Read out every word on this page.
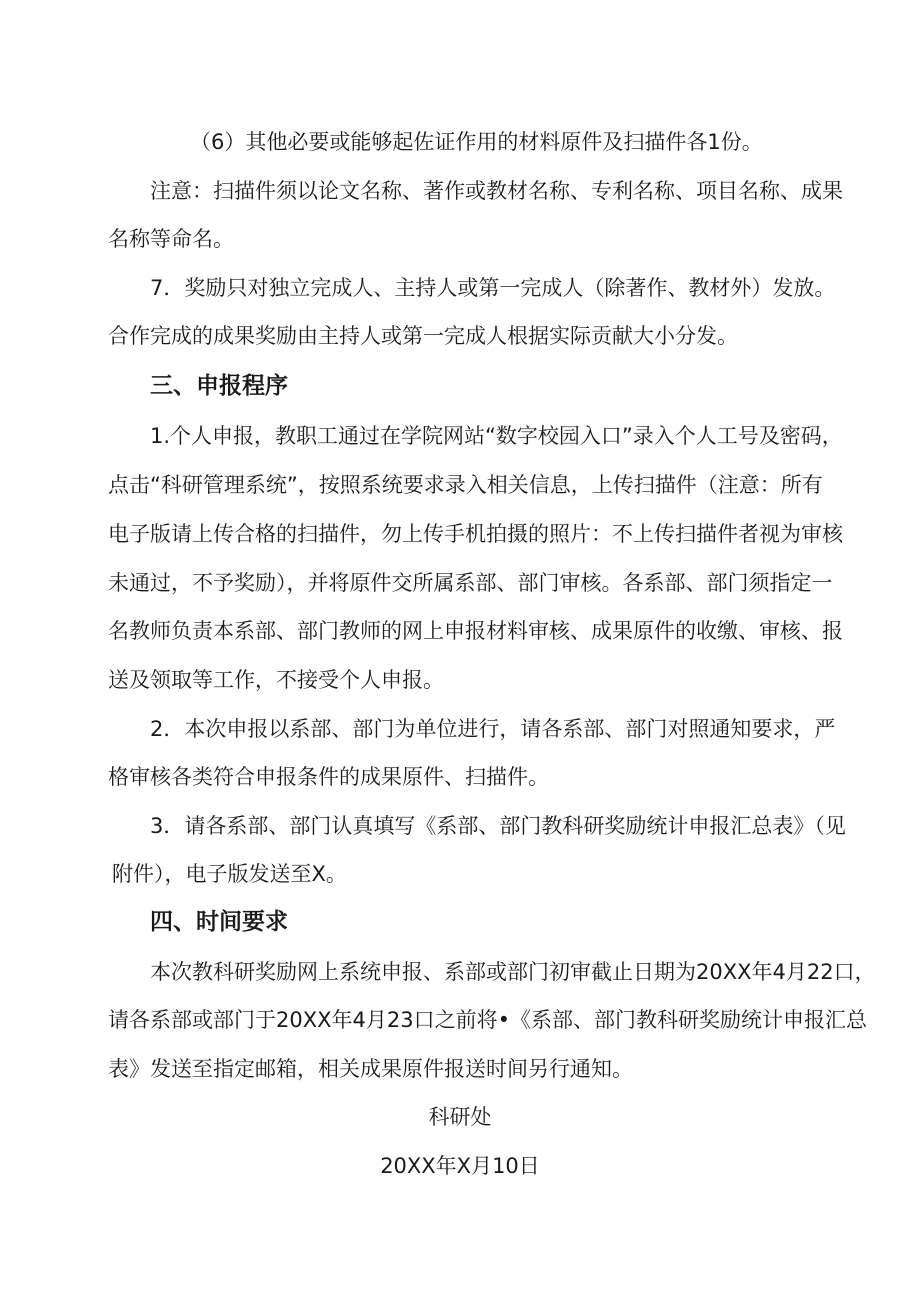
（6）其他必要或能够起佐证作用的材料原件及扫描件各1份。
注意：扫描件须以论文名称、著作或教材名称、专利名称、项目名称、成果
名称等命名。
7．奖励只对独立完成人、主持人或第一完成人（除著作、教材外）发放。
合作完成的成果奖励由主持人或第一完成人根据实际贡献大小分发。
三、申报程序
1.个人申报，教职工通过在学院网站“数字校园入口”录入个人工号及密码，
点击“科研管理系统”，按照系统要求录入相关信息，上传扫描件（注意：所有
电子版请上传合格的扫描件，勿上传手机拍摄的照片：不上传扫描件者视为审核
未通过，不予奖励），并将原件交所属系部、部门审核。各系部、部门须指定一
名教师负责本系部、部门教师的网上申报材料审核、成果原件的收缴、审核、报
送及领取等工作，不接受个人申报。
2．本次申报以系部、部门为单位进行，请各系部、部门对照通知要求，严
格审核各类符合申报条件的成果原件、扫描件。
3．请各系部、部门认真填写《系部、部门教科研奖励统计申报汇总表》（见
附件），电子版发送至X。
四、时间要求
本次教科研奖励网上系统申报、系部或部门初审截止日期为20XX年4月22口，
请各系部或部门于20XX年4月23口之前将•《系部、部门教科研奖励统计申报汇总
表》发送至指定邮箱，相关成果原件报送时间另行通知。
科研处
20XX年X月10日
